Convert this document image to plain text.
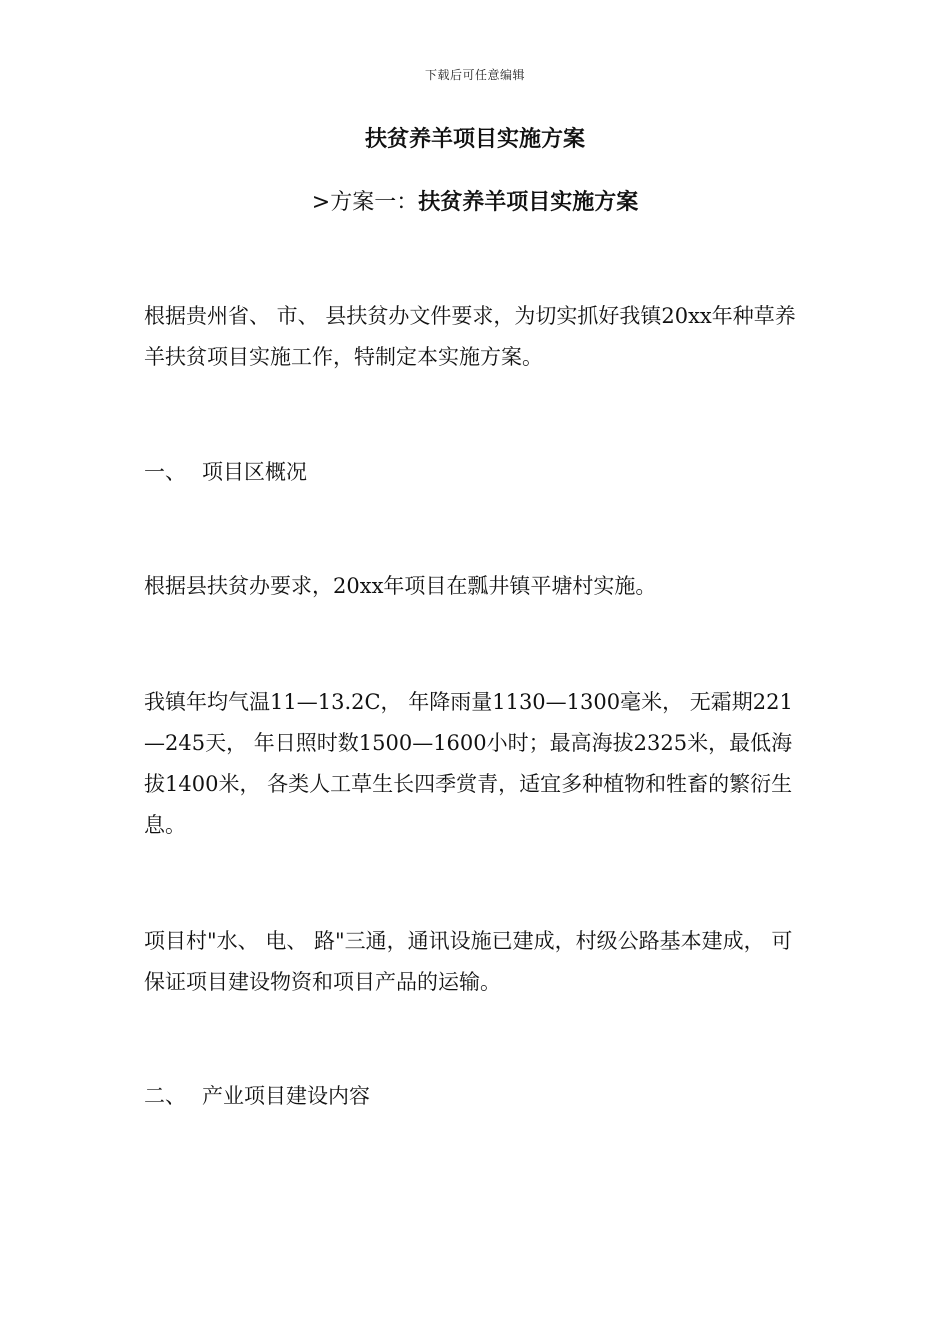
下载后可任意编辑
扶贫养羊项目实施方案
>方案一：扶贫养羊项目实施方案

根据贵州省、 市、 县扶贫办文件要求，为切实抓好我镇20xx年种草养羊扶贫项目实施工作，特制定本实施方案。

一、 项目区概况

根据县扶贫办要求，20xx年项目在瓢井镇平塘村实施。

我镇年均气温11—13.2C， 年降雨量1130—1300毫米， 无霜期221—245天， 年日照时数1500—1600小时；最高海拔2325米，最低海拔1400米， 各类人工草生长四季赏青，适宜多种植物和牲畜的繁衍生息。

项目村"水、 电、 路"三通，通讯设施已建成，村级公路基本建成， 可保证项目建设物资和项目产品的运输。

二、 产业项目建设内容
